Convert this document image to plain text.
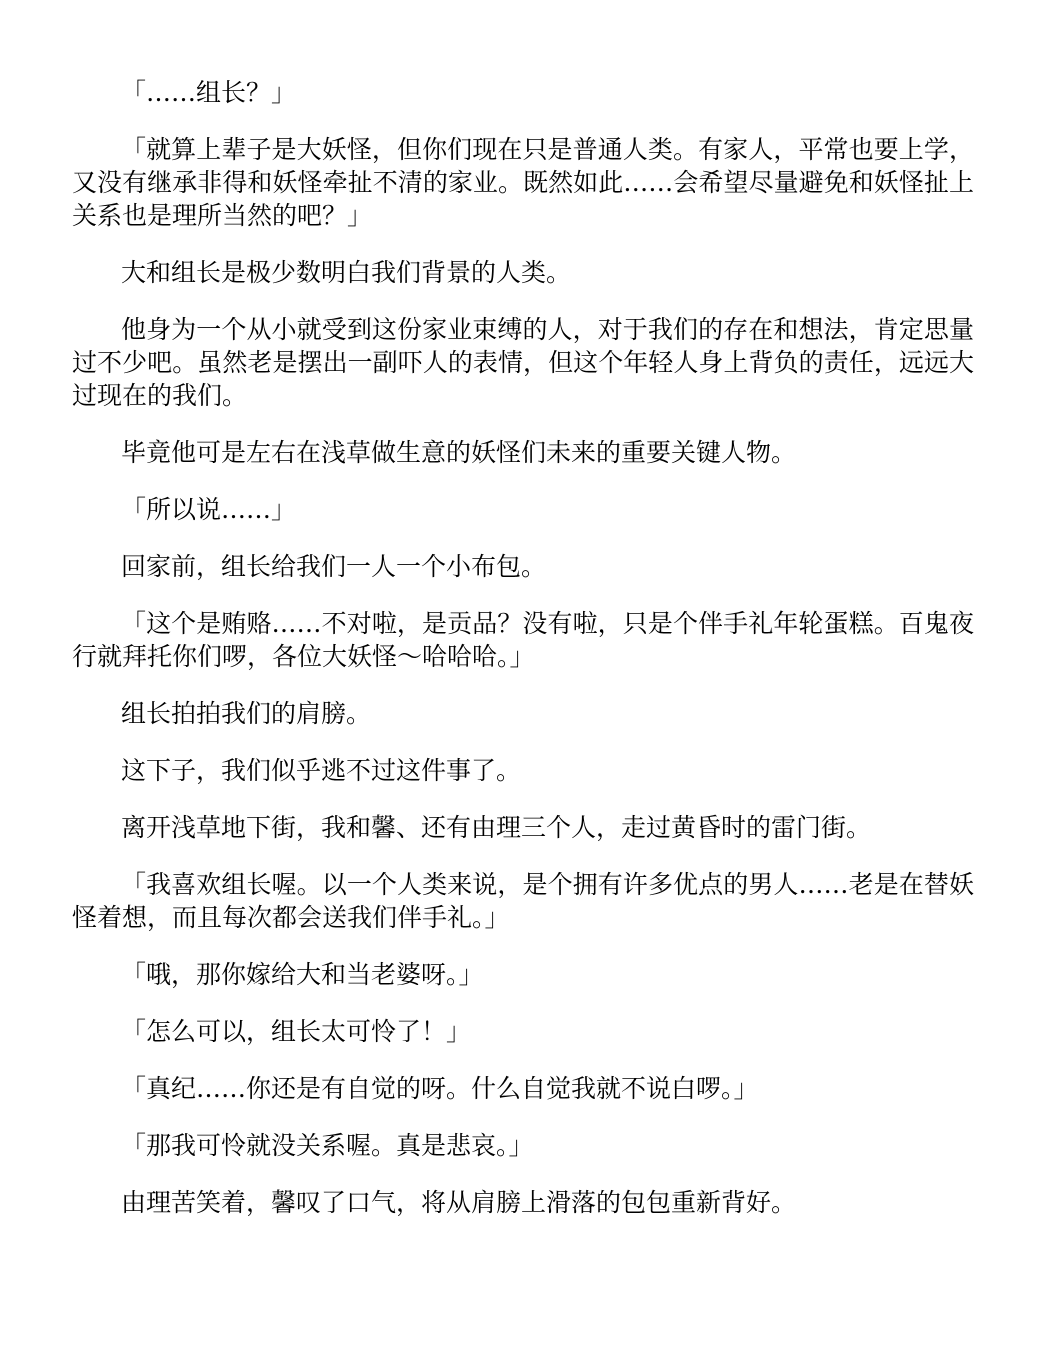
「……组长？」

「就算上辈子是大妖怪，但你们现在只是普通人类。有家人，平常也要上学，又没有继承非得和妖怪牵扯不清的家业。既然如此……会希望尽量避免和妖怪扯上关系也是理所当然的吧？」

大和组长是极少数明白我们背景的人类。

他身为一个从小就受到这份家业束缚的人，对于我们的存在和想法，肯定思量过不少吧。虽然老是摆出一副吓人的表情，但这个年轻人身上背负的责任，远远大过现在的我们。

毕竟他可是左右在浅草做生意的妖怪们未来的重要关键人物。

「所以说……」

回家前，组长给我们一人一个小布包。

「这个是贿赂……不对啦，是贡品？没有啦，只是个伴手礼年轮蛋糕。百鬼夜行就拜托你们啰，各位大妖怪～哈哈哈。」

组长拍拍我们的肩膀。

这下子，我们似乎逃不过这件事了。

离开浅草地下街，我和馨、还有由理三个人，走过黄昏时的雷门街。

「我喜欢组长喔。以一个人类来说，是个拥有许多优点的男人……老是在替妖怪着想，而且每次都会送我们伴手礼。」

「哦，那你嫁给大和当老婆呀。」

「怎么可以，组长太可怜了！」

「真纪……你还是有自觉的呀。什么自觉我就不说白啰。」

「那我可怜就没关系喔。真是悲哀。」

由理苦笑着，馨叹了口气，将从肩膀上滑落的包包重新背好。
